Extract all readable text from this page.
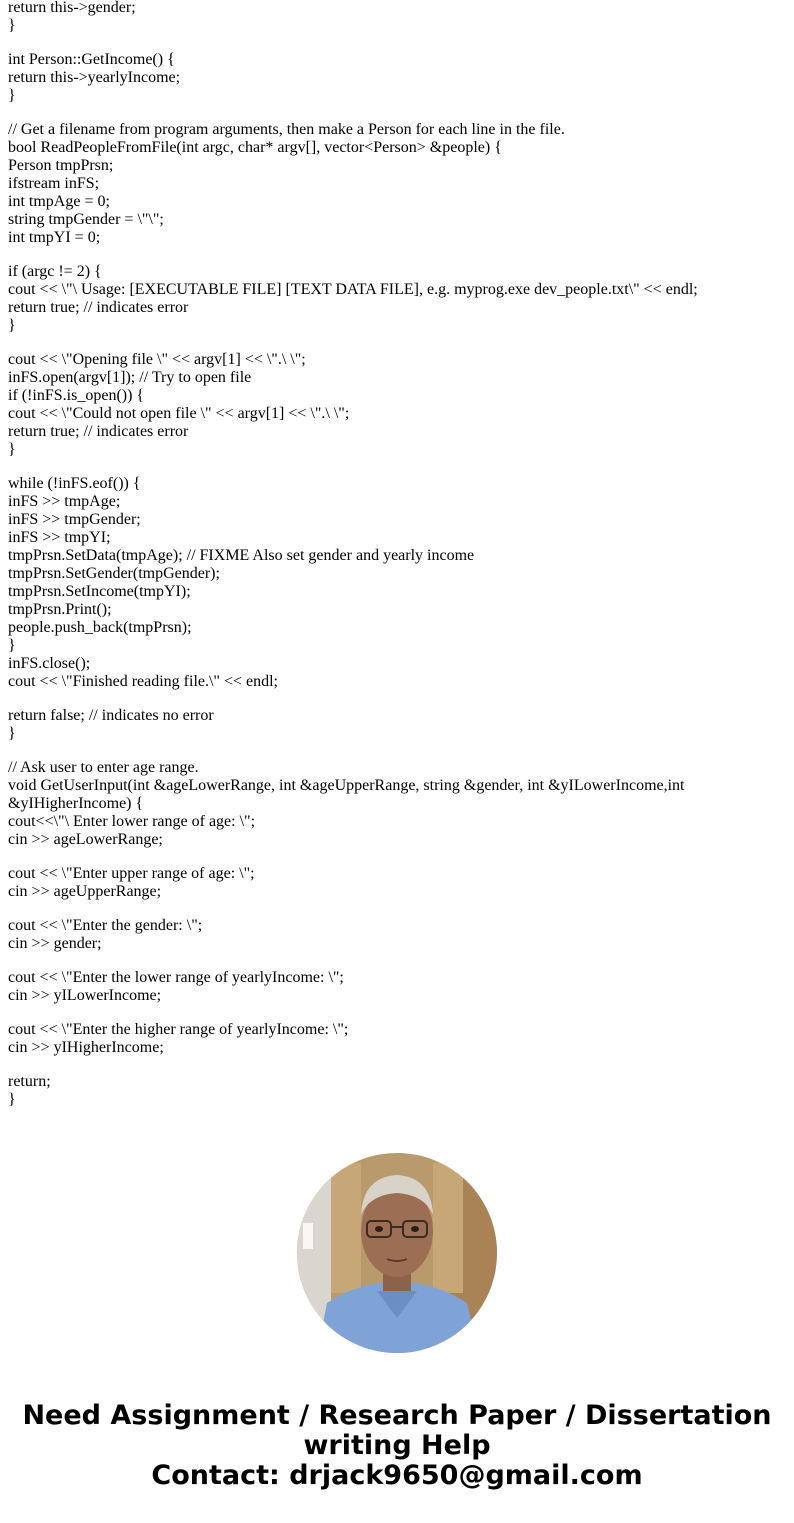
return this->gender;
}
int Person::GetIncome() {
return this->yearlyIncome;
}
// Get a filename from program arguments, then make a Person for each line in the file.
bool ReadPeopleFromFile(int argc, char* argv[], vector<Person> &people) {
Person tmpPrsn;
ifstream inFS;
int tmpAge = 0;
string tmpGender = \"\";
int tmpYI = 0;
if (argc != 2) {
cout << \"\ Usage: [EXECUTABLE FILE] [TEXT DATA FILE], e.g. myprog.exe dev_people.txt\" << endl;
return true; // indicates error
}
cout << \"Opening file \" << argv[1] << \".\ \";
inFS.open(argv[1]); // Try to open file
if (!inFS.is_open()) {
cout << \"Could not open file \" << argv[1] << \".\ \";
return true; // indicates error
}
while (!inFS.eof()) {
inFS >> tmpAge;
inFS >> tmpGender;
inFS >> tmpYI;
tmpPrsn.SetData(tmpAge); // FIXME Also set gender and yearly income
tmpPrsn.SetGender(tmpGender);
tmpPrsn.SetIncome(tmpYI);
tmpPrsn.Print();
people.push_back(tmpPrsn);
}
inFS.close();
cout << \"Finished reading file.\" << endl;
return false; // indicates no error
}
// Ask user to enter age range.
void GetUserInput(int &ageLowerRange, int &ageUpperRange, string &gender, int &yILowerIncome,int &yIHigherIncome) {
cout<<\"\ Enter lower range of age: \";
cin >> ageLowerRange;
cout << \"Enter upper range of age: \";
cin >> ageUpperRange;
cout << \"Enter the gender: \";
cin >> gender;
cout << \"Enter the lower range of yearlyIncome: \";
cin >> yILowerIncome;
cout << \"Enter the higher range of yearlyIncome: \";
cin >> yIHigherIncome;
return;
}
Need Assignment / Research Paper / Dissertation
writing Help
Contact: drjack9650@gmail.com
